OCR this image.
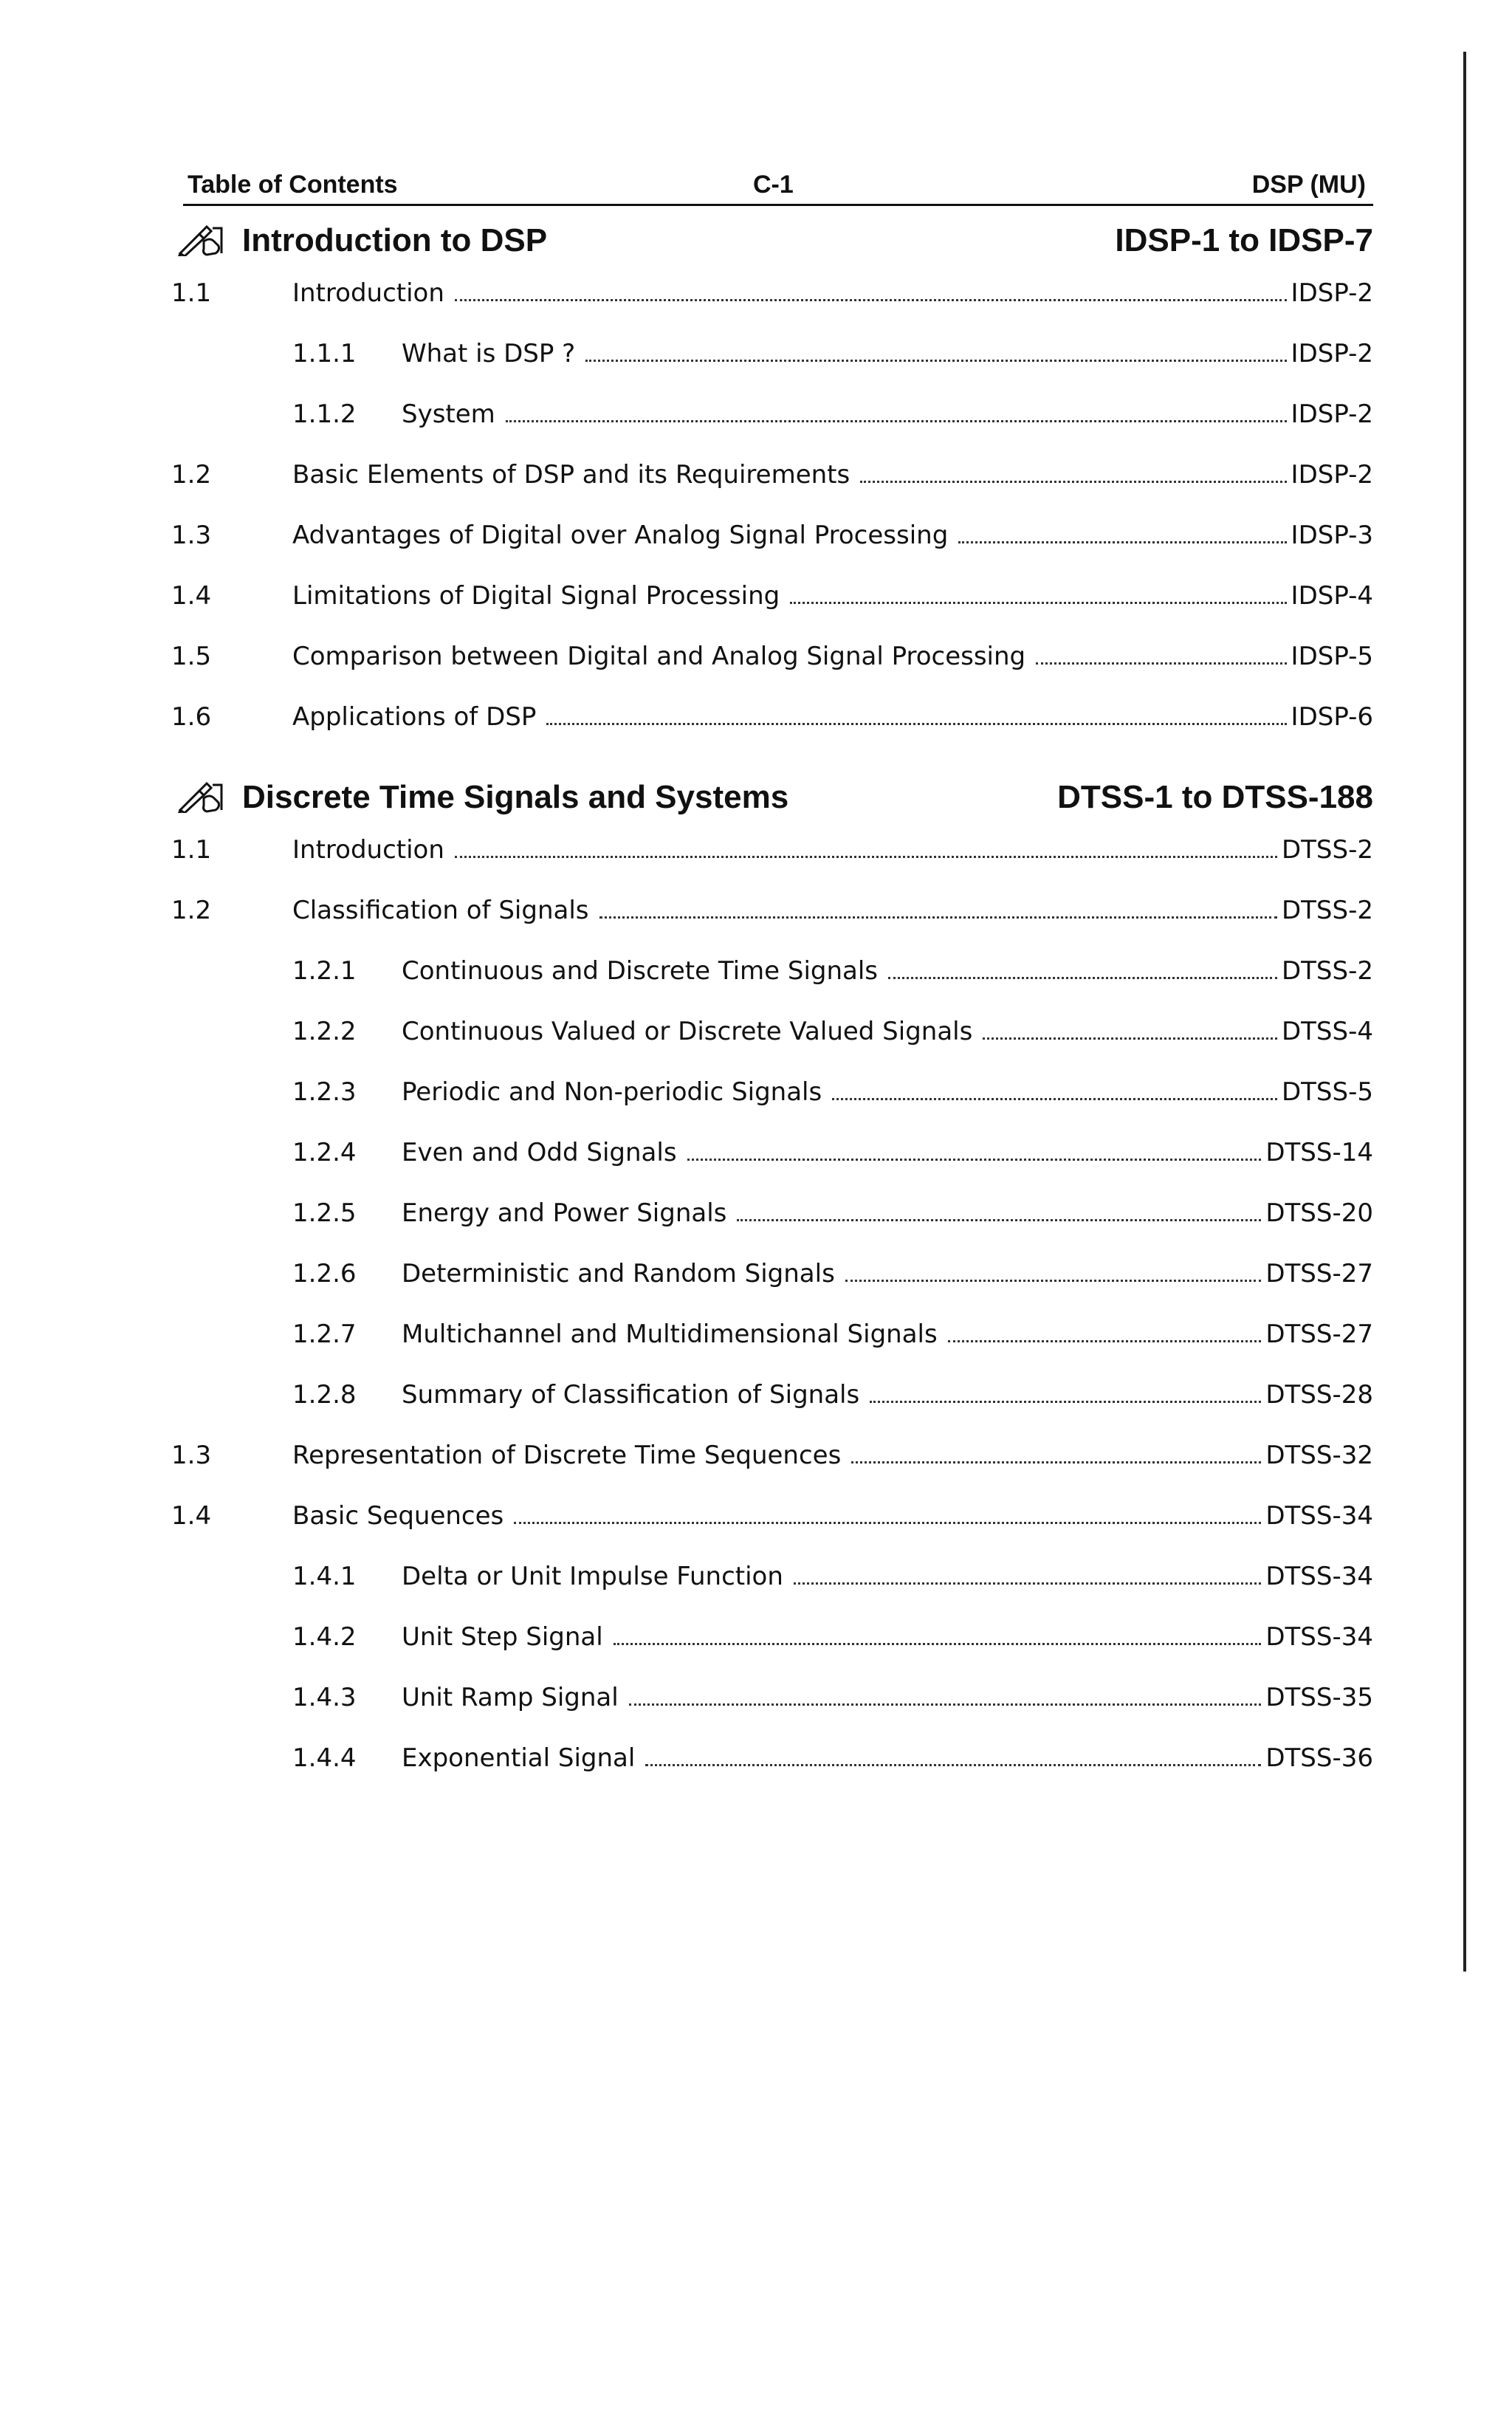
Table of Contents	C-1	DSP (MU)
Introduction to DSP	IDSP-1 to IDSP-7
1.1	Introduction	IDSP-2
1.1.1 What is DSP ?	IDSP-2
1.1.2 System	IDSP-2
1.2	Basic Elements of DSP and its Requirements	IDSP-2
1.3	Advantages of Digital over Analog Signal Processing	IDSP-3
1.4	Limitations of Digital Signal Processing	IDSP-4
1.5	Comparison between Digital and Analog Signal Processing	IDSP-5
1.6	Applications of DSP	IDSP-6
Discrete Time Signals and Systems	DTSS-1 to DTSS-188
1.1	Introduction	DTSS-2
1.2	Classification of Signals	DTSS-2
1.2.1 Continuous and Discrete Time Signals	DTSS-2
1.2.2 Continuous Valued or Discrete Valued Signals	DTSS-4
1.2.3 Periodic and Non-periodic Signals	DTSS-5
1.2.4 Even and Odd Signals	DTSS-14
1.2.5 Energy and Power Signals	DTSS-20
1.2.6 Deterministic and Random Signals	DTSS-27
1.2.7 Multichannel and Multidimensional Signals	DTSS-27
1.2.8 Summary of Classification of Signals	DTSS-28
1.3	Representation of Discrete Time Sequences	DTSS-32
1.4	Basic Sequences	DTSS-34
1.4.1 Delta or Unit Impulse Function	DTSS-34
1.4.2 Unit Step Signal	DTSS-34
1.4.3 Unit Ramp Signal	DTSS-35
1.4.4 Exponential Signal	DTSS-36
